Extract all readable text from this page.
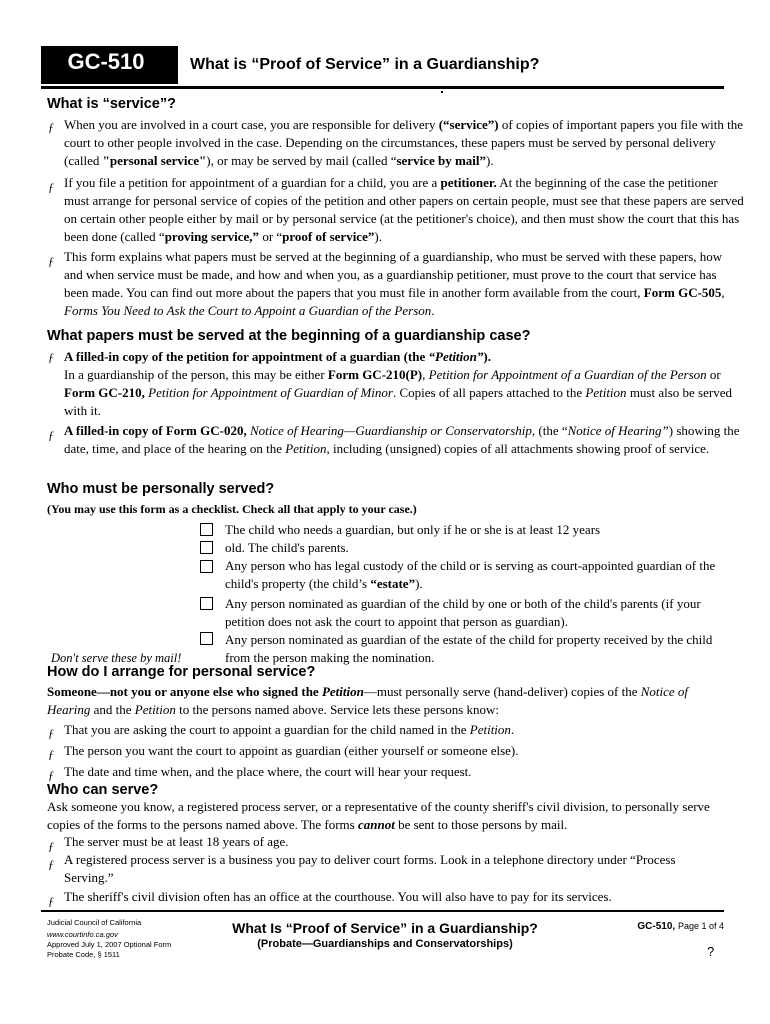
GC-510	What is “Proof of Service” in a Guardianship?
What is “service”?
ƒ When you are involved in a court case, you are responsible for delivery (“service”) of copies of important papers you file with the court to other people involved in the case. Depending on the circumstances, these papers must be served by personal delivery (called "personal service"), or may be served by mail (called “service by mail”).
ƒ If you file a petition for appointment of a guardian for a child, you are a petitioner. At the beginning of the case the petitioner must arrange for personal service of copies of the petition and other papers on certain people, must see that these papers are served on certain other people either by mail or by personal service (at the petitioner's choice), and then must show the court that this has been done (called “proving service,” or “proof of service”).
ƒ This form explains what papers must be served at the beginning of a guardianship, who must be served with these papers, how and when service must be made, and how and when you, as a guardianship petitioner, must prove to the court that service has been made. You can find out more about the papers that you must file in another form available from the court, Form GC-505, Forms You Need to Ask the Court to Appoint a Guardian of the Person.
What papers must be served at the beginning of a guardianship case?
ƒ A filled-in copy of the petition for appointment of a guardian (the “Petition”).
In a guardianship of the person, this may be either Form GC-210(P), Petition for Appointment of a Guardian of the Person or Form GC-210, Petition for Appointment of Guardian of Minor. Copies of all papers attached to the Petition must also be served with it.
ƒ A filled-in copy of Form GC-020, Notice of Hearing—Guardianship or Conservatorship, (the “Notice of Hearing”) showing the date, time, and place of the hearing on the Petition, including (unsigned) copies of all attachments showing proof of service.
Who must be personally served?
(You may use this form as a checklist. Check all that apply to your case.)
The child who needs a guardian, but only if he or she is at least 12 years
old. The child's parents.
Any person who has legal custody of the child or is serving as court-appointed guardian of the child's property (the child’s “estate”).
Any person nominated as guardian of the child by one or both of the child's parents (if your petition does not ask the court to appoint that person as guardian).
Any person nominated as guardian of the estate of the child for property received by the child from the person making the nomination.
Don't serve these by mail!
How do I arrange for personal service?
Someone—not you or anyone else who signed the Petition—must personally serve (hand-deliver) copies of the Notice of Hearing and the Petition to the persons named above. Service lets these persons know:
ƒ That you are asking the court to appoint a guardian for the child named in the Petition.
ƒ The person you want the court to appoint as guardian (either yourself or someone else).
ƒ The date and time when, and the place where, the court will hear your request.
Who can serve?
Ask someone you know, a registered process server, or a representative of the county sheriff's civil division, to personally serve copies of the forms to the persons named above. The forms cannot be sent to those persons by mail.
ƒ The server must be at least 18 years of age.
ƒ A registered process server is a business you pay to deliver court forms. Look in a telephone directory under “Process Serving.”
ƒ The sheriff's civil division often has an office at the courthouse. You will also have to pay for its services.
Judicial Council of California
www.courtinfo.ca.gov
Approved July 1, 2007 Optional Form
Probate Code, § 1511
What Is “Proof of Service” in a Guardianship?
(Probate—Guardianships and Conservatorships)
GC-510, Page 1 of 4
?
